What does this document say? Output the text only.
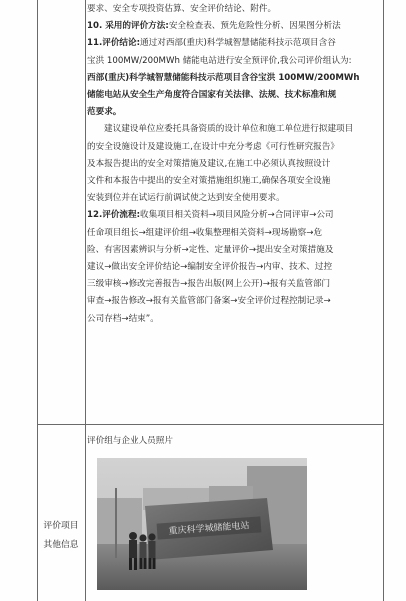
要求、安全专项投资估算、安全评价结论、附件。

10. 采用的评价方法:安全检查表、预先危险性分析、因果图分析法

11.评价结论:通过对西部(重庆)科学城智慧储能科技示范项目含谷

宝洪 100MW/200MWh 储能电站进行安全预评价,我公司评价组认为:

西部(重庆)科学城智慧储能科技示范项目含谷宝洪 100MW/200MWh

储能电站从安全生产角度符合国家有关法律、法规、技术标准和规

范要求。

建议建设单位应委托具备资质的设计单位和施工单位进行拟建项目

的安全设施设计及建设施工,在设计中充分考虑《可行性研究报告》

及本报告提出的安全对策措施及建议,在施工中必须认真按照设计

文件和本报告中提出的安全对策措施组织施工,确保各项安全设施

安装到位并在试运行前调试使之达到安全使用要求。

12.评价流程:收集项目相关资料→项目风险分析→合同评审→公司

任命项目组长→组建评价组→收集整理相关资料→现场勘察→危

险、有害因素辨识与分析→定性、定量评价→提出安全对策措施及

建议→做出安全评价结论→编制安全评价报告→内审、技术、过控

三级审核→修改完善报告→报告出版(网上公开)→报有关监管部门

审查→报告修改→报有关监管部门备案→安全评价过程控制记录→

公司存档→结束”。

评价项目
其他信息
评价组与企业人员照片
重庆科学城储能电站
